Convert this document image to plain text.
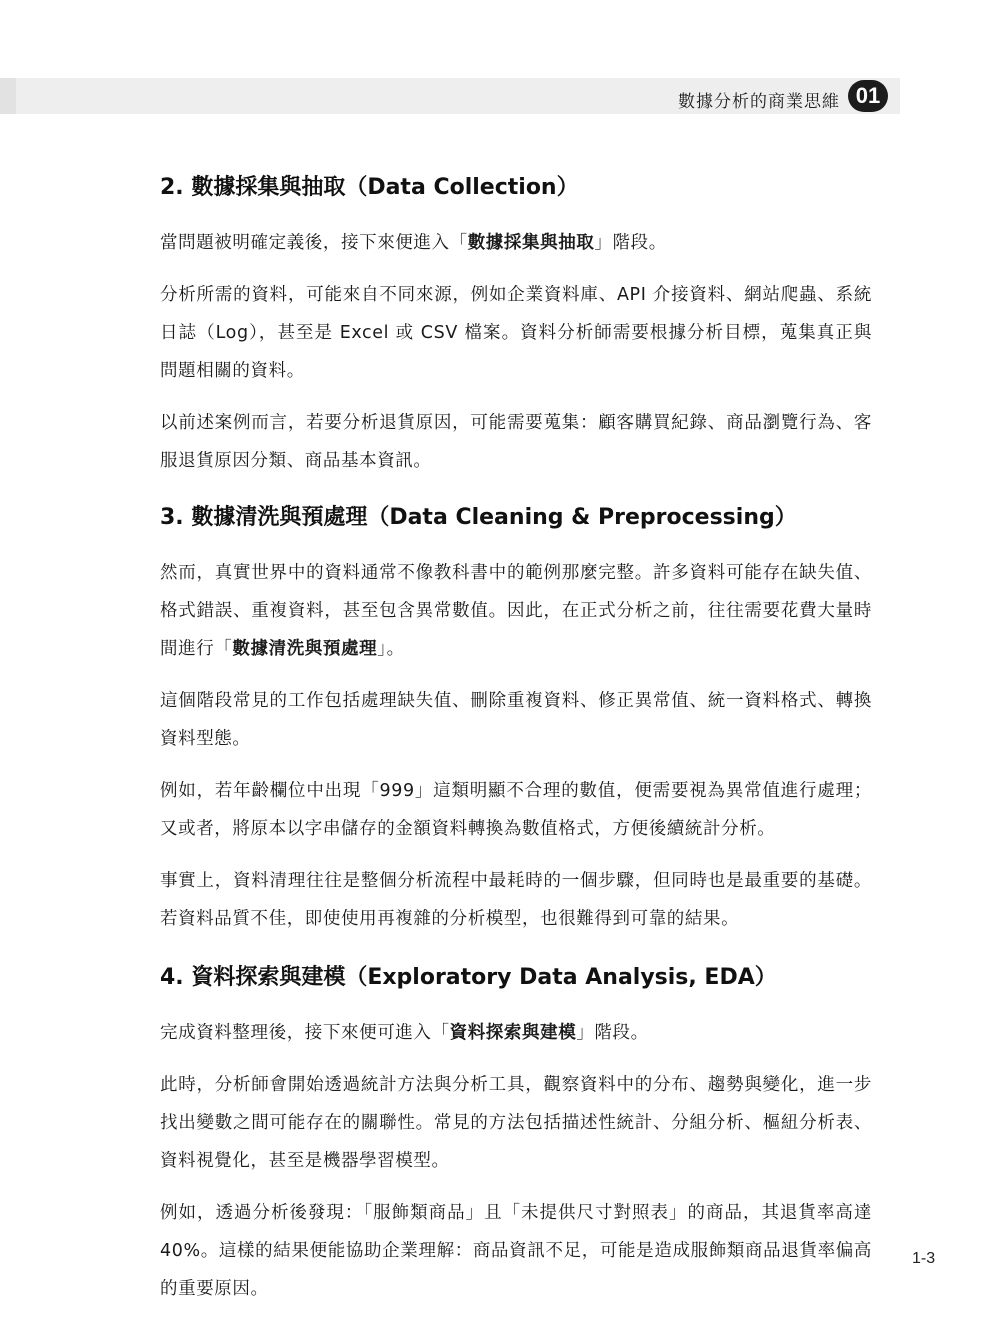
數據分析的商業思維 01
2. 數據採集與抽取（Data Collection）

當問題被明確定義後，接下來便進入「數據採集與抽取」階段。

分析所需的資料，可能來自不同來源，例如企業資料庫、API 介接資料、網站爬蟲、系統日誌（Log），甚至是 Excel 或 CSV 檔案。資料分析師需要根據分析目標，蒐集真正與問題相關的資料。

以前述案例而言，若要分析退貨原因，可能需要蒐集：顧客購買紀錄、商品瀏覽行為、客服退貨原因分類、商品基本資訊。

3. 數據清洗與預處理（Data Cleaning & Preprocessing）

然而，真實世界中的資料通常不像教科書中的範例那麼完整。許多資料可能存在缺失值、格式錯誤、重複資料，甚至包含異常數值。因此，在正式分析之前，往往需要花費大量時間進行「數據清洗與預處理」。

這個階段常見的工作包括處理缺失值、刪除重複資料、修正異常值、統一資料格式、轉換資料型態。

例如，若年齡欄位中出現「999」這類明顯不合理的數值，便需要視為異常值進行處理；又或者，將原本以字串儲存的金額資料轉換為數值格式，方便後續統計分析。

事實上，資料清理往往是整個分析流程中最耗時的一個步驟，但同時也是最重要的基礎。若資料品質不佳，即使使用再複雜的分析模型，也很難得到可靠的結果。

4. 資料探索與建模（Exploratory Data Analysis, EDA）

完成資料整理後，接下來便可進入「資料探索與建模」階段。

此時，分析師會開始透過統計方法與分析工具，觀察資料中的分布、趨勢與變化，進一步找出變數之間可能存在的關聯性。常見的方法包括描述性統計、分組分析、樞紐分析表、資料視覺化，甚至是機器學習模型。

例如，透過分析後發現：「服飾類商品」且「未提供尺寸對照表」的商品，其退貨率高達 40%。這樣的結果便能協助企業理解：商品資訊不足，可能是造成服飾類商品退貨率偏高的重要原因。

1-3
